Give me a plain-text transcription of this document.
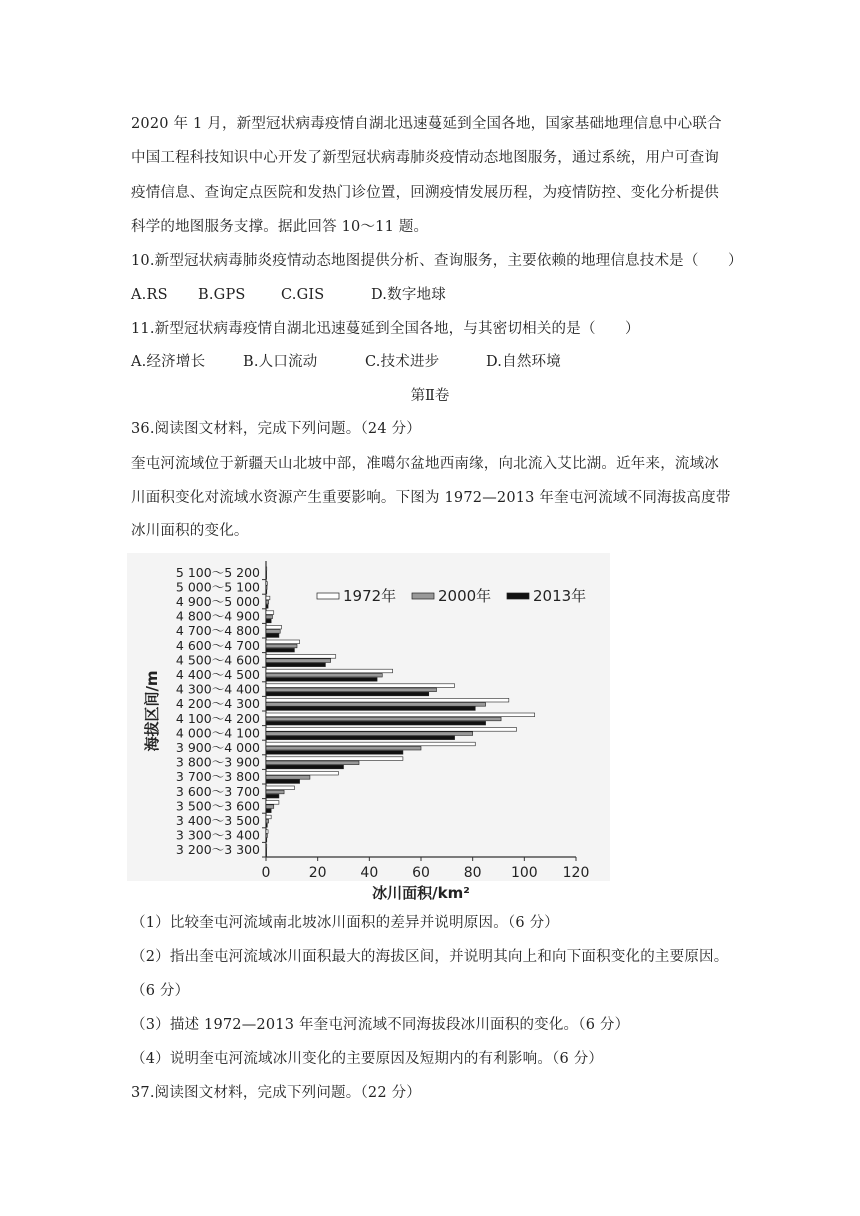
2020 年 1 月，新型冠状病毒疫情自湖北迅速蔓延到全国各地，国家基础地理信息中心联合
中国工程科技知识中心开发了新型冠状病毒肺炎疫情动态地图服务，通过系统，用户可查询
疫情信息、查询定点医院和发热门诊位置，回溯疫情发展历程，为疫情防控、变化分析提供
科学的地图服务支撑。据此回答 10～11 题。
10.新型冠状病毒肺炎疫情动态地图提供分析、查询服务，主要依赖的地理信息技术是（　　）
A.RS B.GPS C.GIS	D.数字地球
11.新型冠状病毒疫情自湖北迅速蔓延到全国各地，与其密切相关的是（　　）
A.经济增长	B.人口流动	C.技术进步	D.自然环境
第Ⅱ卷
36.阅读图文材料，完成下列问题。（24 分）
奎屯河流域位于新疆天山北坡中部，准噶尔盆地西南缘，向北流入艾比湖。近年来，流域冰
川面积变化对流域水资源产生重要影响。下图为 1972—2013 年奎屯河流域不同海拔高度带
冰川面积的变化。
5 100～5 200
5 000～5 100
4 900～5 000
4 800～4 900
4 700～4 800
4 600～4 700
4 500～4 600
4 400～4 500
4 300～4 400
4 200～4 300
4 100～4 200
4 000～4 100
3 900～4 000
3 800～3 900
3 700～3 800
3 600～3 700
3 500～3 600
3 400～3 500
3 300～3 400
3 200～3 300
0	20 40 60 80 100 120
冰川面积/km²
海拔区间/m
1972年	2000年	2013年
（1）比较奎屯河流域南北坡冰川面积的差异并说明原因。（6 分）
（2）指出奎屯河流域冰川面积最大的海拔区间，并说明其向上和向下面积变化的主要原因。
（6 分）
（3）描述 1972—2013 年奎屯河流域不同海拔段冰川面积的变化。（6 分）
（4）说明奎屯河流域冰川变化的主要原因及短期内的有利影响。（6 分）
37.阅读图文材料，完成下列问题。（22 分）
